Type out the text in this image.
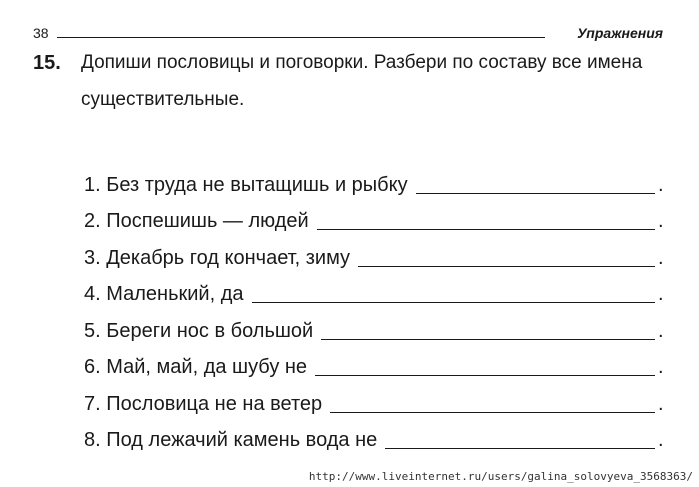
38	Упражнения
15. Допиши пословицы и поговорки. Разбери по составу все имена существительные.
1. Без труда не вытащишь и рыбку	.
2. Поспешишь — людей	.
3. Декабрь год кончает, зиму	.
4. Маленький, да	.
5. Береги нос в большой	.
6. Май, май, да шубу не	.
7. Пословица не на ветер	.
8. Под лежачий камень вода не	.
http://www.liveinternet.ru/users/galina_solovyeva_3568363/
